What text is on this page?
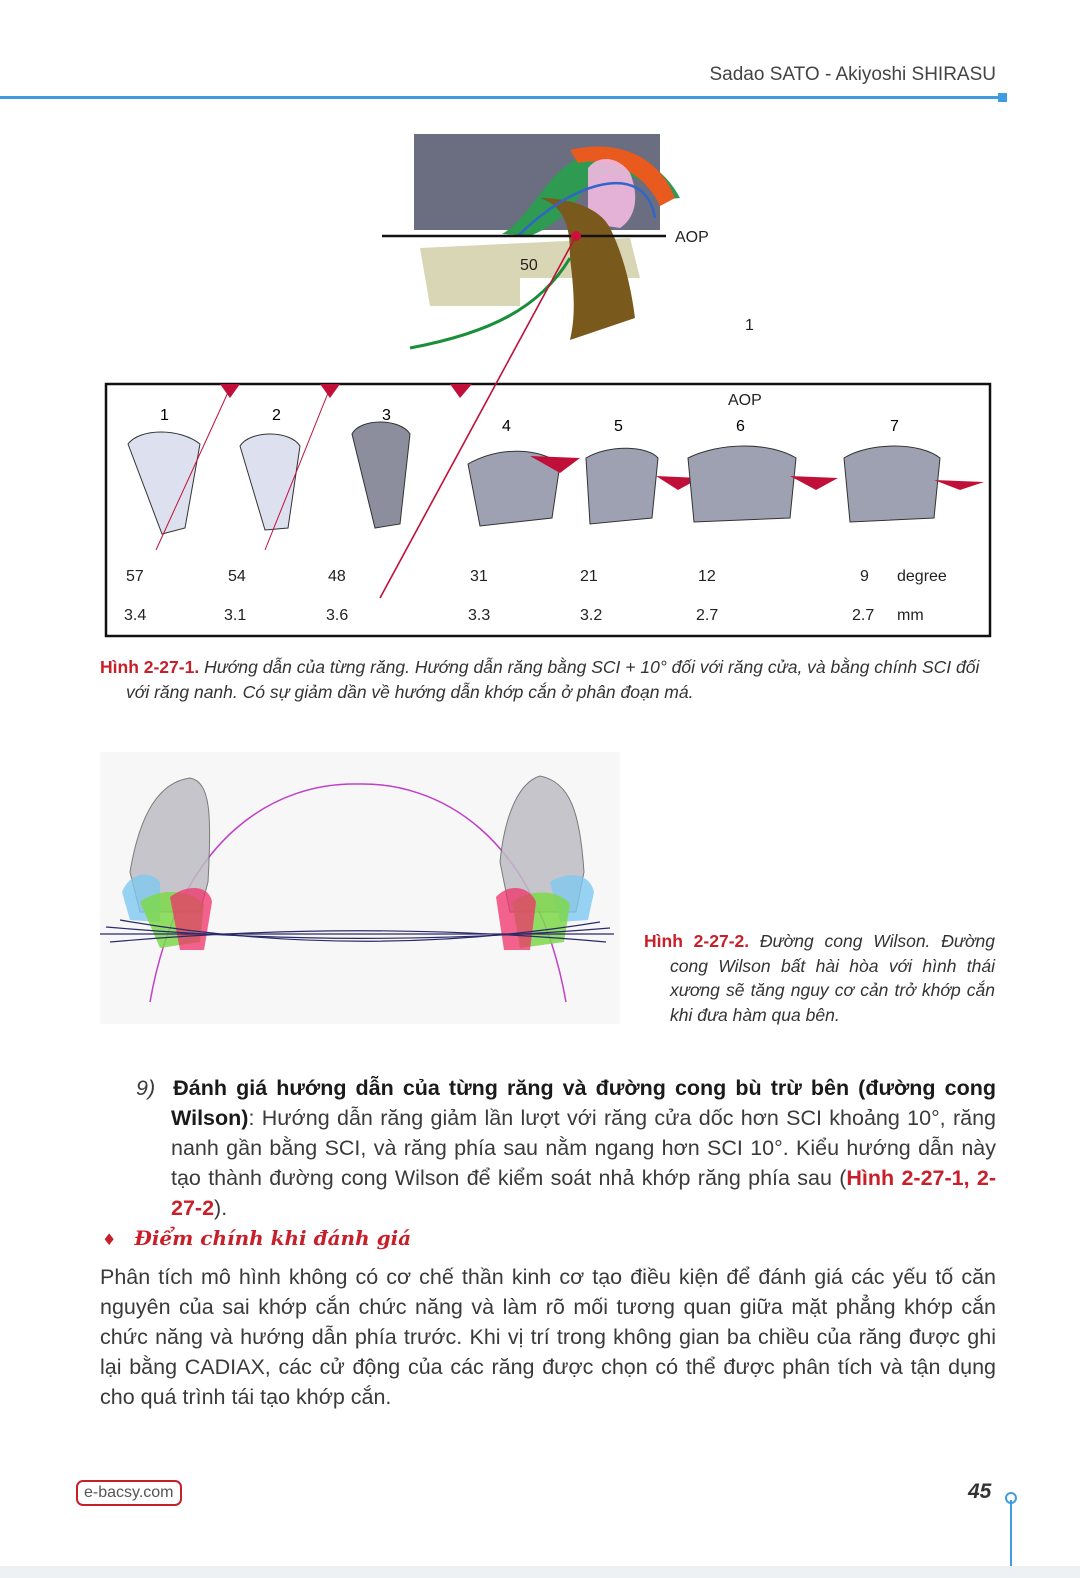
Sadao SATO - Akiyoshi SHIRASU
AOP
50
1
AOP
1	2	3
4	5	6	7
57	54	48	31	21	12	9 degree
3.4	3.1	3.6	3.3	3.2	2.7	2.7 mm
Hình 2-27-1. Hướng dẫn của từng răng. Hướng dẫn răng bằng SCI + 10° đối với răng cửa, và bằng chính SCI đối với răng nanh. Có sự giảm dần về hướng dẫn khớp cắn ở phân đoạn má.
Hình 2-27-2. Đường cong Wilson. Đường cong Wilson bất hài hòa với hình thái xương sẽ tăng nguy cơ cản trở khớp cắn khi đưa hàm qua bên.
9) Đánh giá hướng dẫn của từng răng và đường cong bù trừ bên (đường cong Wilson): Hướng dẫn răng giảm lần lượt với răng cửa dốc hơn SCI khoảng 10°, răng nanh gần bằng SCI, và răng phía sau nằm ngang hơn SCI 10°. Kiểu hướng dẫn này tạo thành đường cong Wilson để kiểm soát nhả khớp răng phía sau (Hình 2-27-1, 2-27-2).
♦ Điểm chính khi đánh giá
Phân tích mô hình không có cơ chế thần kinh cơ tạo điều kiện để đánh giá các yếu tố căn nguyên của sai khớp cắn chức năng và làm rõ mối tương quan giữa mặt phẳng khớp cắn chức năng và hướng dẫn phía trước. Khi vị trí trong không gian ba chiều của răng được ghi lại bằng CADIAX, các cử động của các răng được chọn có thể được phân tích và tận dụng cho quá trình tái tạo khớp cắn.
e-bacsy.com	45
